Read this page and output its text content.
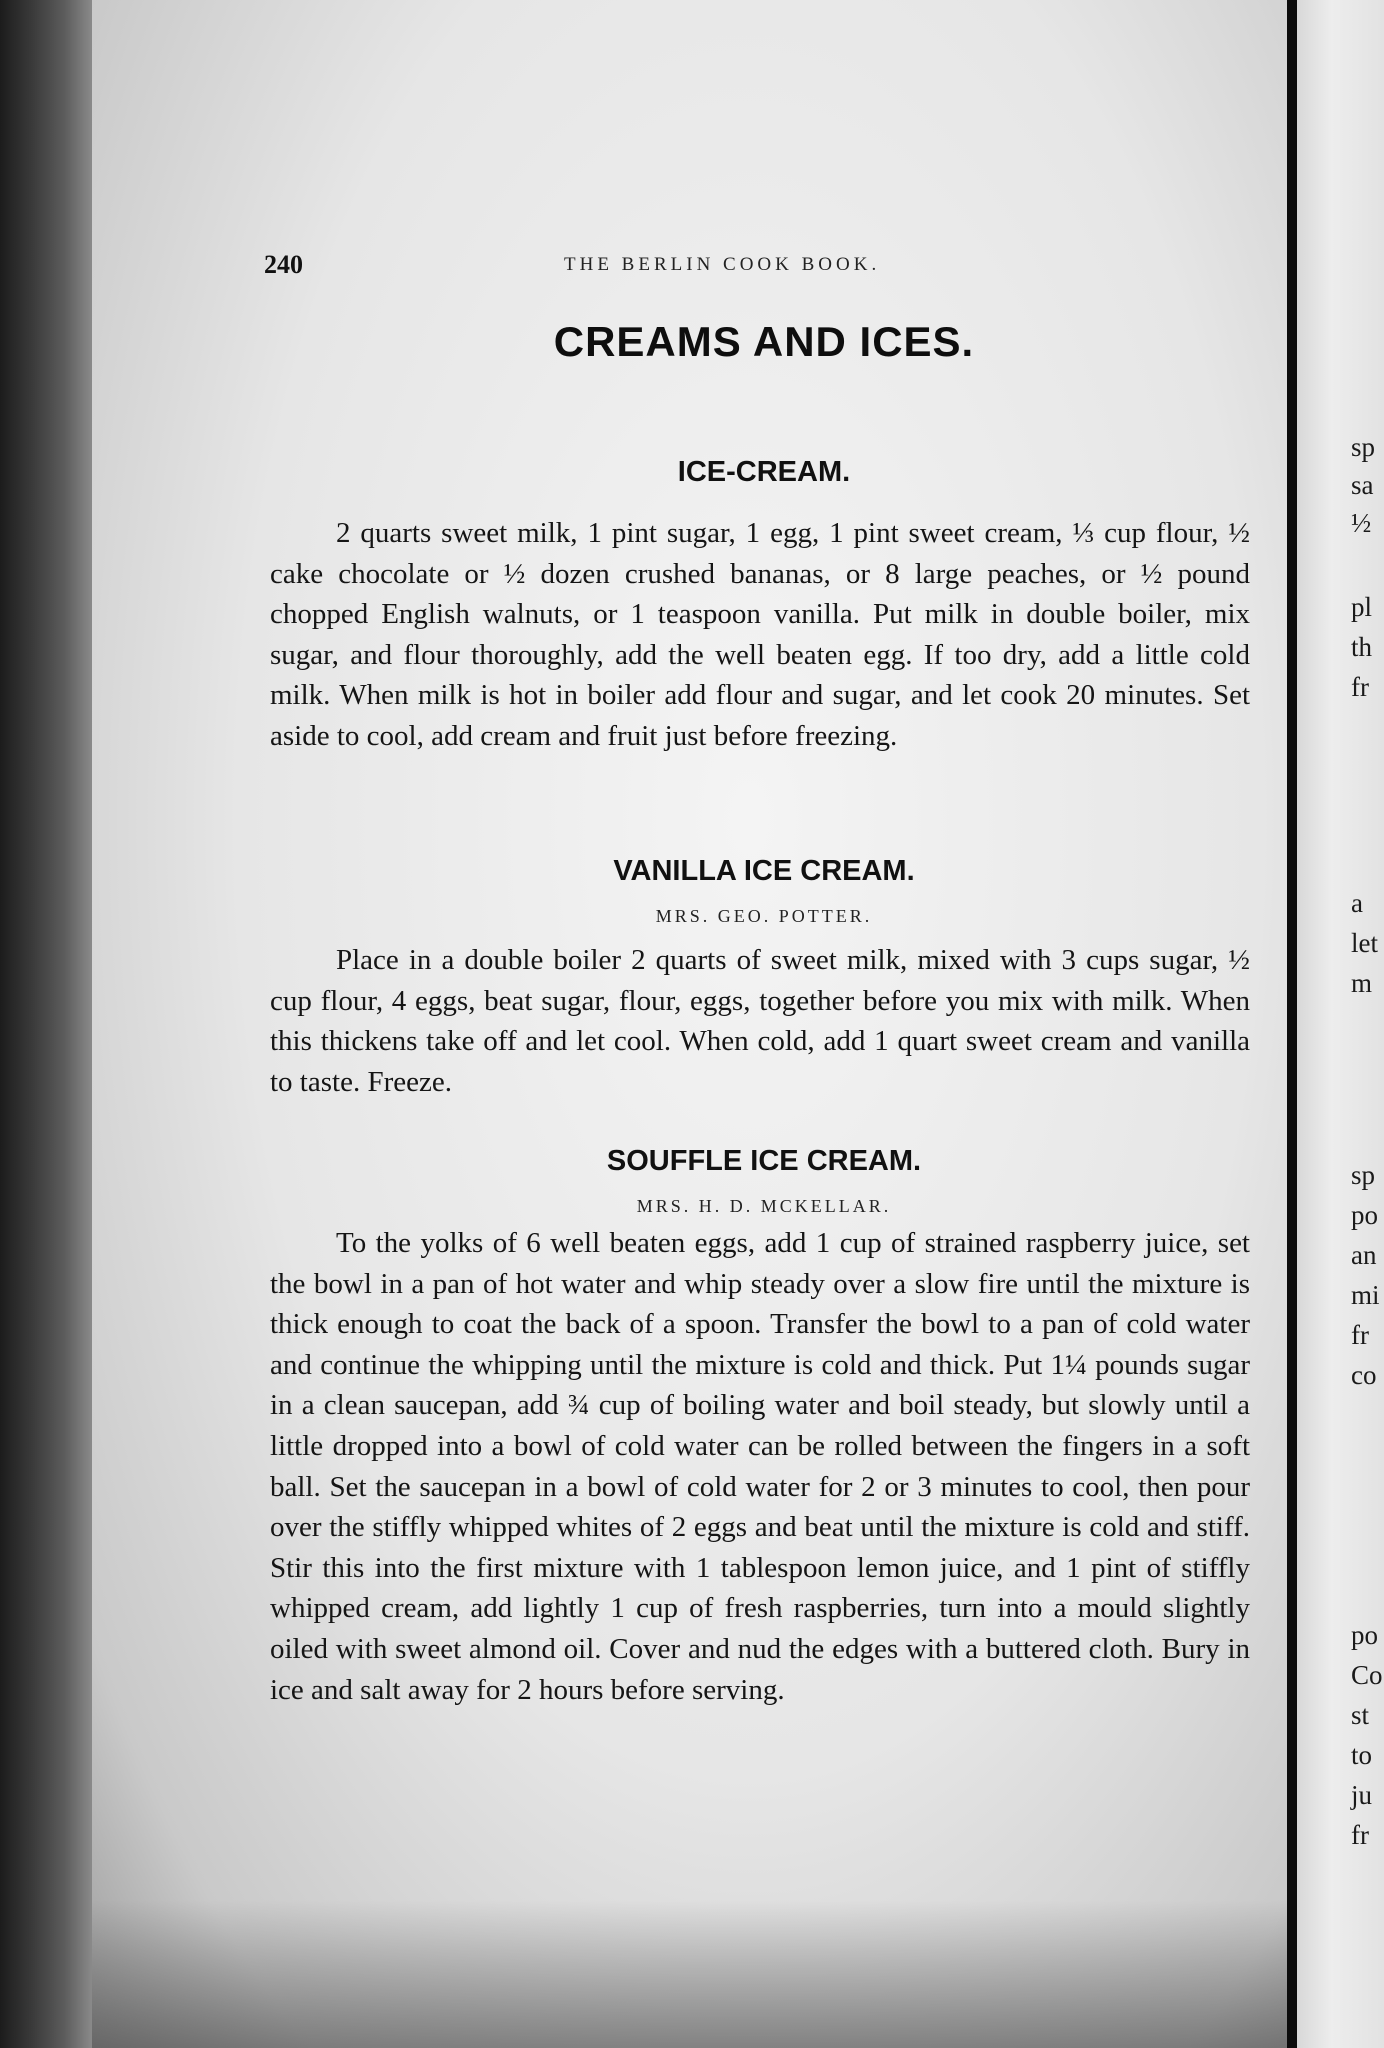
sp
sa
½
pl
th
fr
a
let
m
sp
po
an
mi
fr
co
po
Co
st
to
ju
fr
240	THE BERLIN COOK BOOK.
CREAMS AND ICES.
ICE-CREAM.
2 quarts sweet milk, 1 pint sugar, 1 egg, 1 pint sweet cream, ⅓ cup flour, ½ cake chocolate or ½ dozen crushed bananas, or 8 large peaches, or ½ pound chopped English walnuts, or 1 teaspoon vanilla. Put milk in double boiler, mix sugar, and flour thoroughly, add the well beaten egg. If too dry, add a little cold milk. When milk is hot in boiler add flour and sugar, and let cook 20 minutes. Set aside to cool, add cream and fruit just before freezing.
VANILLA ICE CREAM.
MRS. GEO. POTTER.
Place in a double boiler 2 quarts of sweet milk, mixed with 3 cups sugar, ½ cup flour, 4 eggs, beat sugar, flour, eggs, together before you mix with milk. When this thickens take off and let cool. When cold, add 1 quart sweet cream and vanilla to taste. Freeze.
SOUFFLE ICE CREAM.
MRS. H. D. MCKELLAR.
To the yolks of 6 well beaten eggs, add 1 cup of strained raspberry juice, set the bowl in a pan of hot water and whip steady over a slow fire until the mixture is thick enough to coat the back of a spoon. Transfer the bowl to a pan of cold water and continue the whipping until the mixture is cold and thick. Put 1¼ pounds sugar in a clean saucepan, add ¾ cup of boiling water and boil steady, but slowly until a little dropped into a bowl of cold water can be rolled between the fingers in a soft ball. Set the saucepan in a bowl of cold water for 2 or 3 minutes to cool, then pour over the stiffly whipped whites of 2 eggs and beat until the mixture is cold and stiff. Stir this into the first mixture with 1 tablespoon lemon juice, and 1 pint of stiffly whipped cream, add lightly 1 cup of fresh raspberries, turn into a mould slightly oiled with sweet almond oil. Cover and nud the edges with a buttered cloth. Bury in ice and salt away for 2 hours before serving.
